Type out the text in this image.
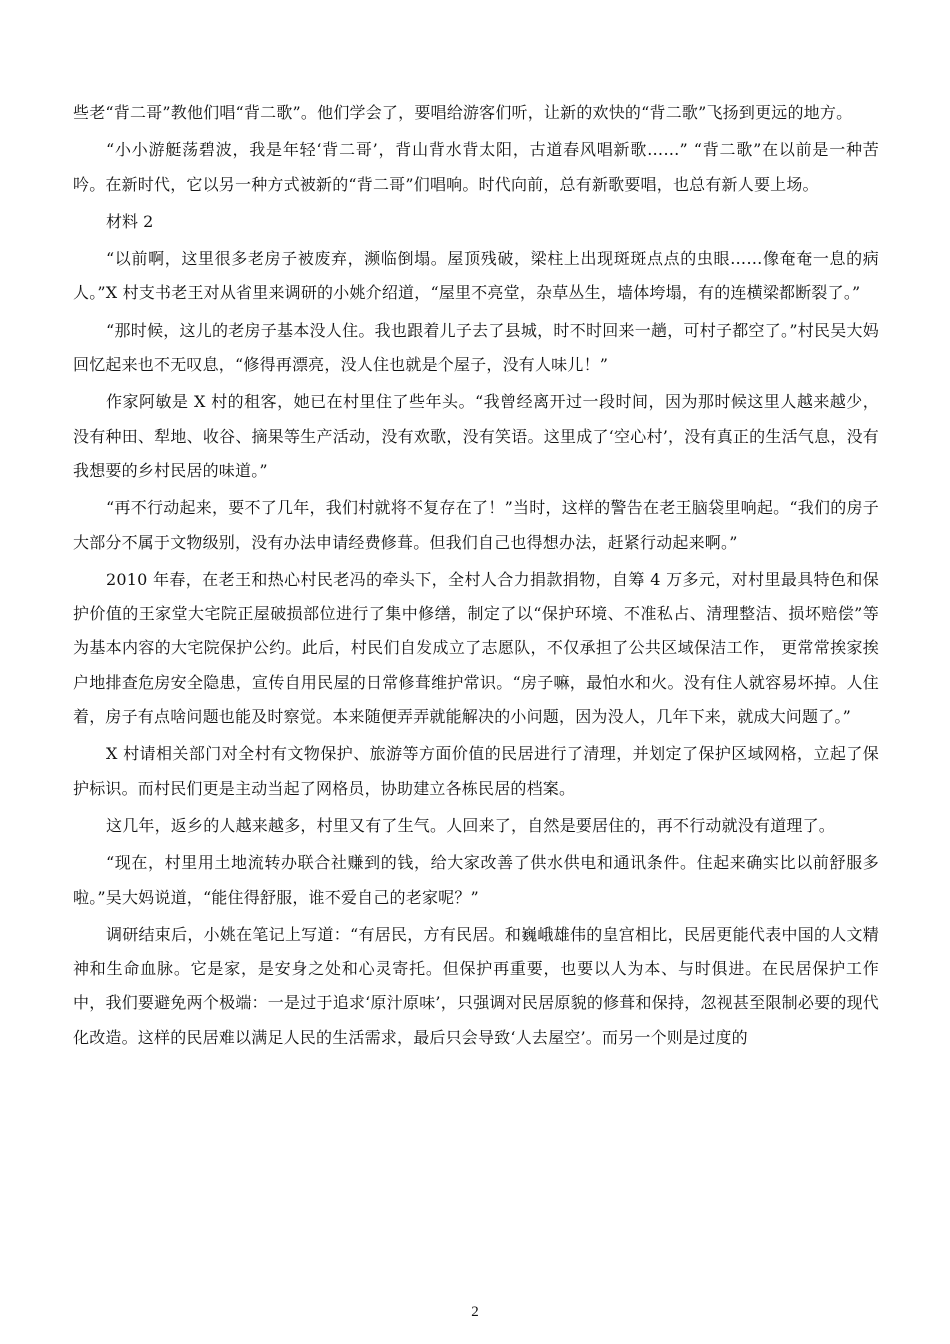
些老“背二哥”教他们唱“背二歌”。他们学会了，要唱给游客们听，让新的欢快的“背二歌”飞扬到更远的地方。

“小小游艇荡碧波，我是年轻‘背二哥’，背山背水背太阳，古道春风唱新歌……” “背二歌”在以前是一种苦吟。在新时代，它以另一种方式被新的“背二哥”们唱响。时代向前，总有新歌要唱，也总有新人要上场。

材料 2

“以前啊，这里很多老房子被废弃，濒临倒塌。屋顶残破，梁柱上出现斑斑点点的虫眼……像奄奄一息的病人。”X 村支书老王对从省里来调研的小姚介绍道，“屋里不亮堂，杂草丛生，墙体垮塌，有的连横梁都断裂了。”

“那时候，这儿的老房子基本没人住。我也跟着儿子去了县城，时不时回来一趟，可村子都空了。”村民吴大妈回忆起来也不无叹息，“修得再漂亮，没人住也就是个屋子，没有人味儿！”

作家阿敏是 X 村的租客，她已在村里住了些年头。“我曾经离开过一段时间，因为那时候这里人越来越少，没有种田、犁地、收谷、摘果等生产活动，没有欢歌，没有笑语。这里成了‘空心村’，没有真正的生活气息，没有我想要的乡村民居的味道。”

“再不行动起来，要不了几年，我们村就将不复存在了！”当时，这样的警告在老王脑袋里响起。“我们的房子大部分不属于文物级别，没有办法申请经费修葺。但我们自己也得想办法，赶紧行动起来啊。”

2010 年春，在老王和热心村民老冯的牵头下，全村人合力捐款捐物，自筹 4 万多元，对村里最具特色和保护价值的王家堂大宅院正屋破损部位进行了集中修缮，制定了以“保护环境、不准私占、清理整洁、损坏赔偿”等为基本内容的大宅院保护公约。此后，村民们自发成立了志愿队，不仅承担了公共区域保洁工作， 更常常挨家挨户地排查危房安全隐患，宣传自用民屋的日常修葺维护常识。“房子嘛，最怕水和火。没有住人就容易坏掉。人住着，房子有点啥问题也能及时察觉。本来随便弄弄就能解决的小问题，因为没人，几年下来，就成大问题了。”

X 村请相关部门对全村有文物保护、旅游等方面价值的民居进行了清理，并划定了保护区域网格，立起了保护标识。而村民们更是主动当起了网格员，协助建立各栋民居的档案。

这几年，返乡的人越来越多，村里又有了生气。人回来了，自然是要居住的，再不行动就没有道理了。

“现在，村里用土地流转办联合社赚到的钱，给大家改善了供水供电和通讯条件。住起来确实比以前舒服多啦。”吴大妈说道，“能住得舒服，谁不爱自己的老家呢？”

调研结束后，小姚在笔记上写道：“有居民，方有民居。和巍峨雄伟的皇宫相比，民居更能代表中国的人文精神和生命血脉。它是家，是安身之处和心灵寄托。但保护再重要，也要以人为本、与时俱进。在民居保护工作中，我们要避免两个极端：一是过于追求‘原汁原味’，只强调对民居原貌的修葺和保持，忽视甚至限制必要的现代化改造。这样的民居难以满足人民的生活需求，最后只会导致‘人去屋空’。而另一个则是过度的

2
